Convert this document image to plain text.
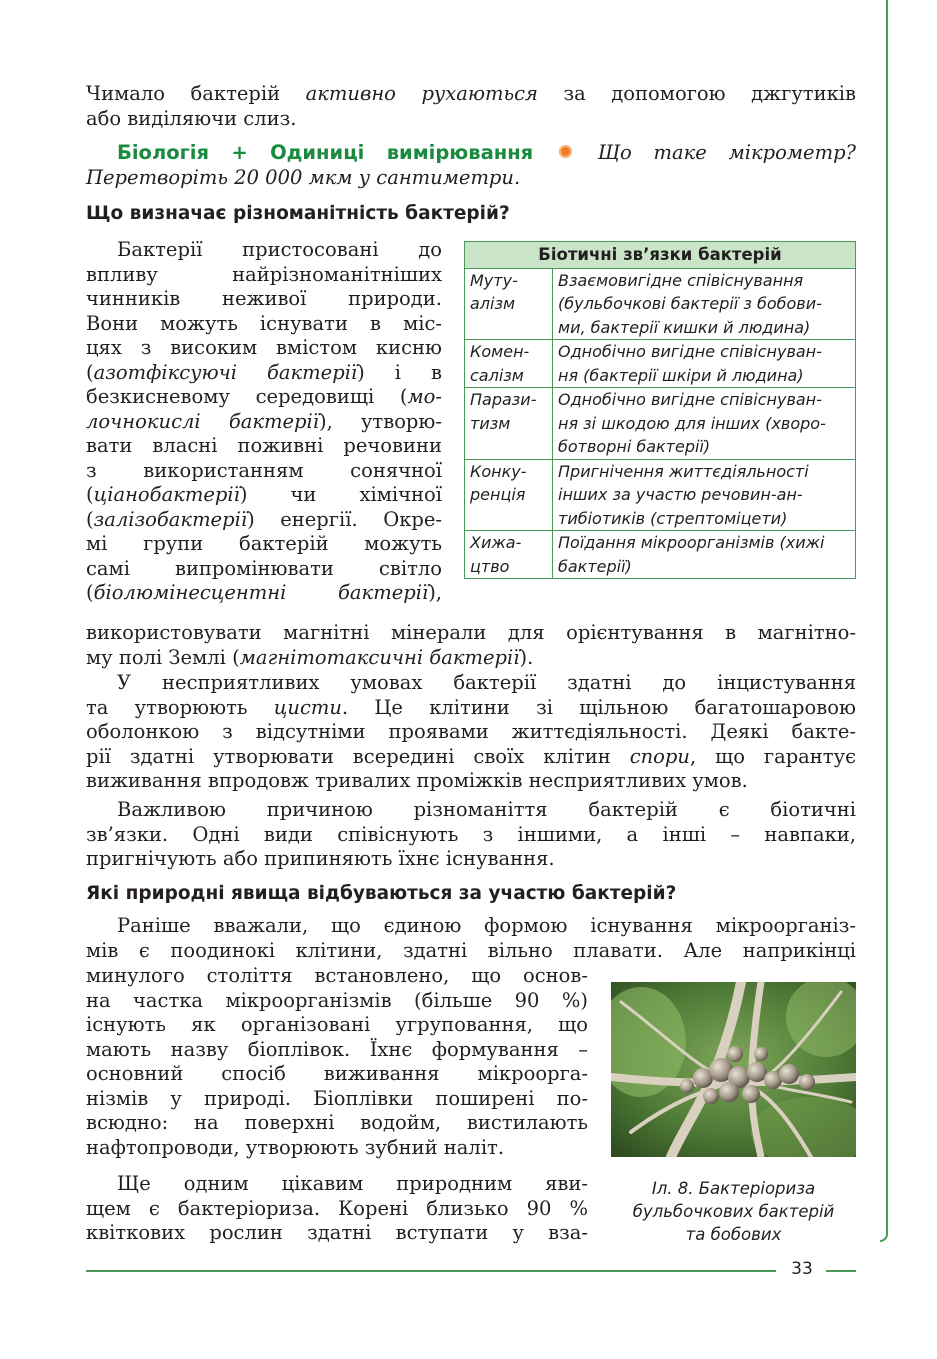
Чимало бактерій активно рухаються за допомогою джгутиків
або виділяючи слиз.
Біологія + Одиниці вимірювання	Що таке мікрометр?
Перетворіть 20 000 мкм у сантиметри.
Що визначає різноманітність бактерій?
Бактерії пристосовані до
впливу найрізноманітніших
чинників неживої природи.
Вони можуть існувати в міс-
цях з високим вмістом кисню
(азотфіксуючі бактерії) і в
безкисневому середовищі (мо-
лочнокислі бактерії), утворю-
вати власні поживні речовини
з використанням сонячної
(ціанобактерії) чи хімічної
(залізобактерії) енергії. Окре-
мі групи бактерій можуть
самі випромінювати світло
(біолюмінесцентні бактерії),
Біотичні зв’язки бактерій	
Муту-
алізм	Взаємовигідне співіснування
(бульбочкові бактерії з бобови-
ми, бактерії кишки й людина)
Комен-
салізм	Однобічно вигідне співіснуван-
ня (бактерії шкіри й людина)
Парази-
тизм	Однобічно вигідне співіснуван-
ня зі шкодою для інших (хворо-
ботворні бактерії)
Конку-
ренція	Пригнічення життєдіяльності
інших за участю речовин-ан-
тибіотиків (стрептоміцети)
Хижа-
цтво	Поїдання мікроорганізмів (хижі
бактерії)
використовувати магнітні мінерали для орієнтування в магнітно-
му полі Землі (магнітотаксичні бактерії).
У несприятливих умовах бактерії здатні до інцистування
та утворюють цисти. Це клітини зі щільною багатошаровою
оболонкою з відсутніми проявами життєдіяльності. Деякі бакте-
рії здатні утворювати всередині своїх клітин спори, що гарантує
виживання впродовж тривалих проміжків несприятливих умов.
Важливою причиною різноманіття бактерій є біотичні
зв’язки. Одні види співіснують з іншими, а інші – навпаки,
пригнічують або припиняють їхнє існування.
Які природні явища відбуваються за участю бактерій?
Раніше вважали, що єдиною формою існування мікроорганіз-
мів є поодинокі клітини, здатні вільно плавати. Але наприкінці
минулого століття встановлено, що основ-
на частка мікроорганізмів (більше 90 %)
існують як організовані угруповання, що
мають назву біоплівок. Їхнє формування –
основний спосіб виживання мікроорга-
нізмів у природі. Біоплівки поширені по-
всюдно: на поверхні водойм, вистилають
нафтопроводи, утворюють зубний наліт.
Ще одним цікавим природним яви-
щем є бактеріориза. Корені близько 90 %
квіткових рослин здатні вступати у вза-
Іл. 8. Бактеріориза
бульбочкових бактерій
та бобових
33
